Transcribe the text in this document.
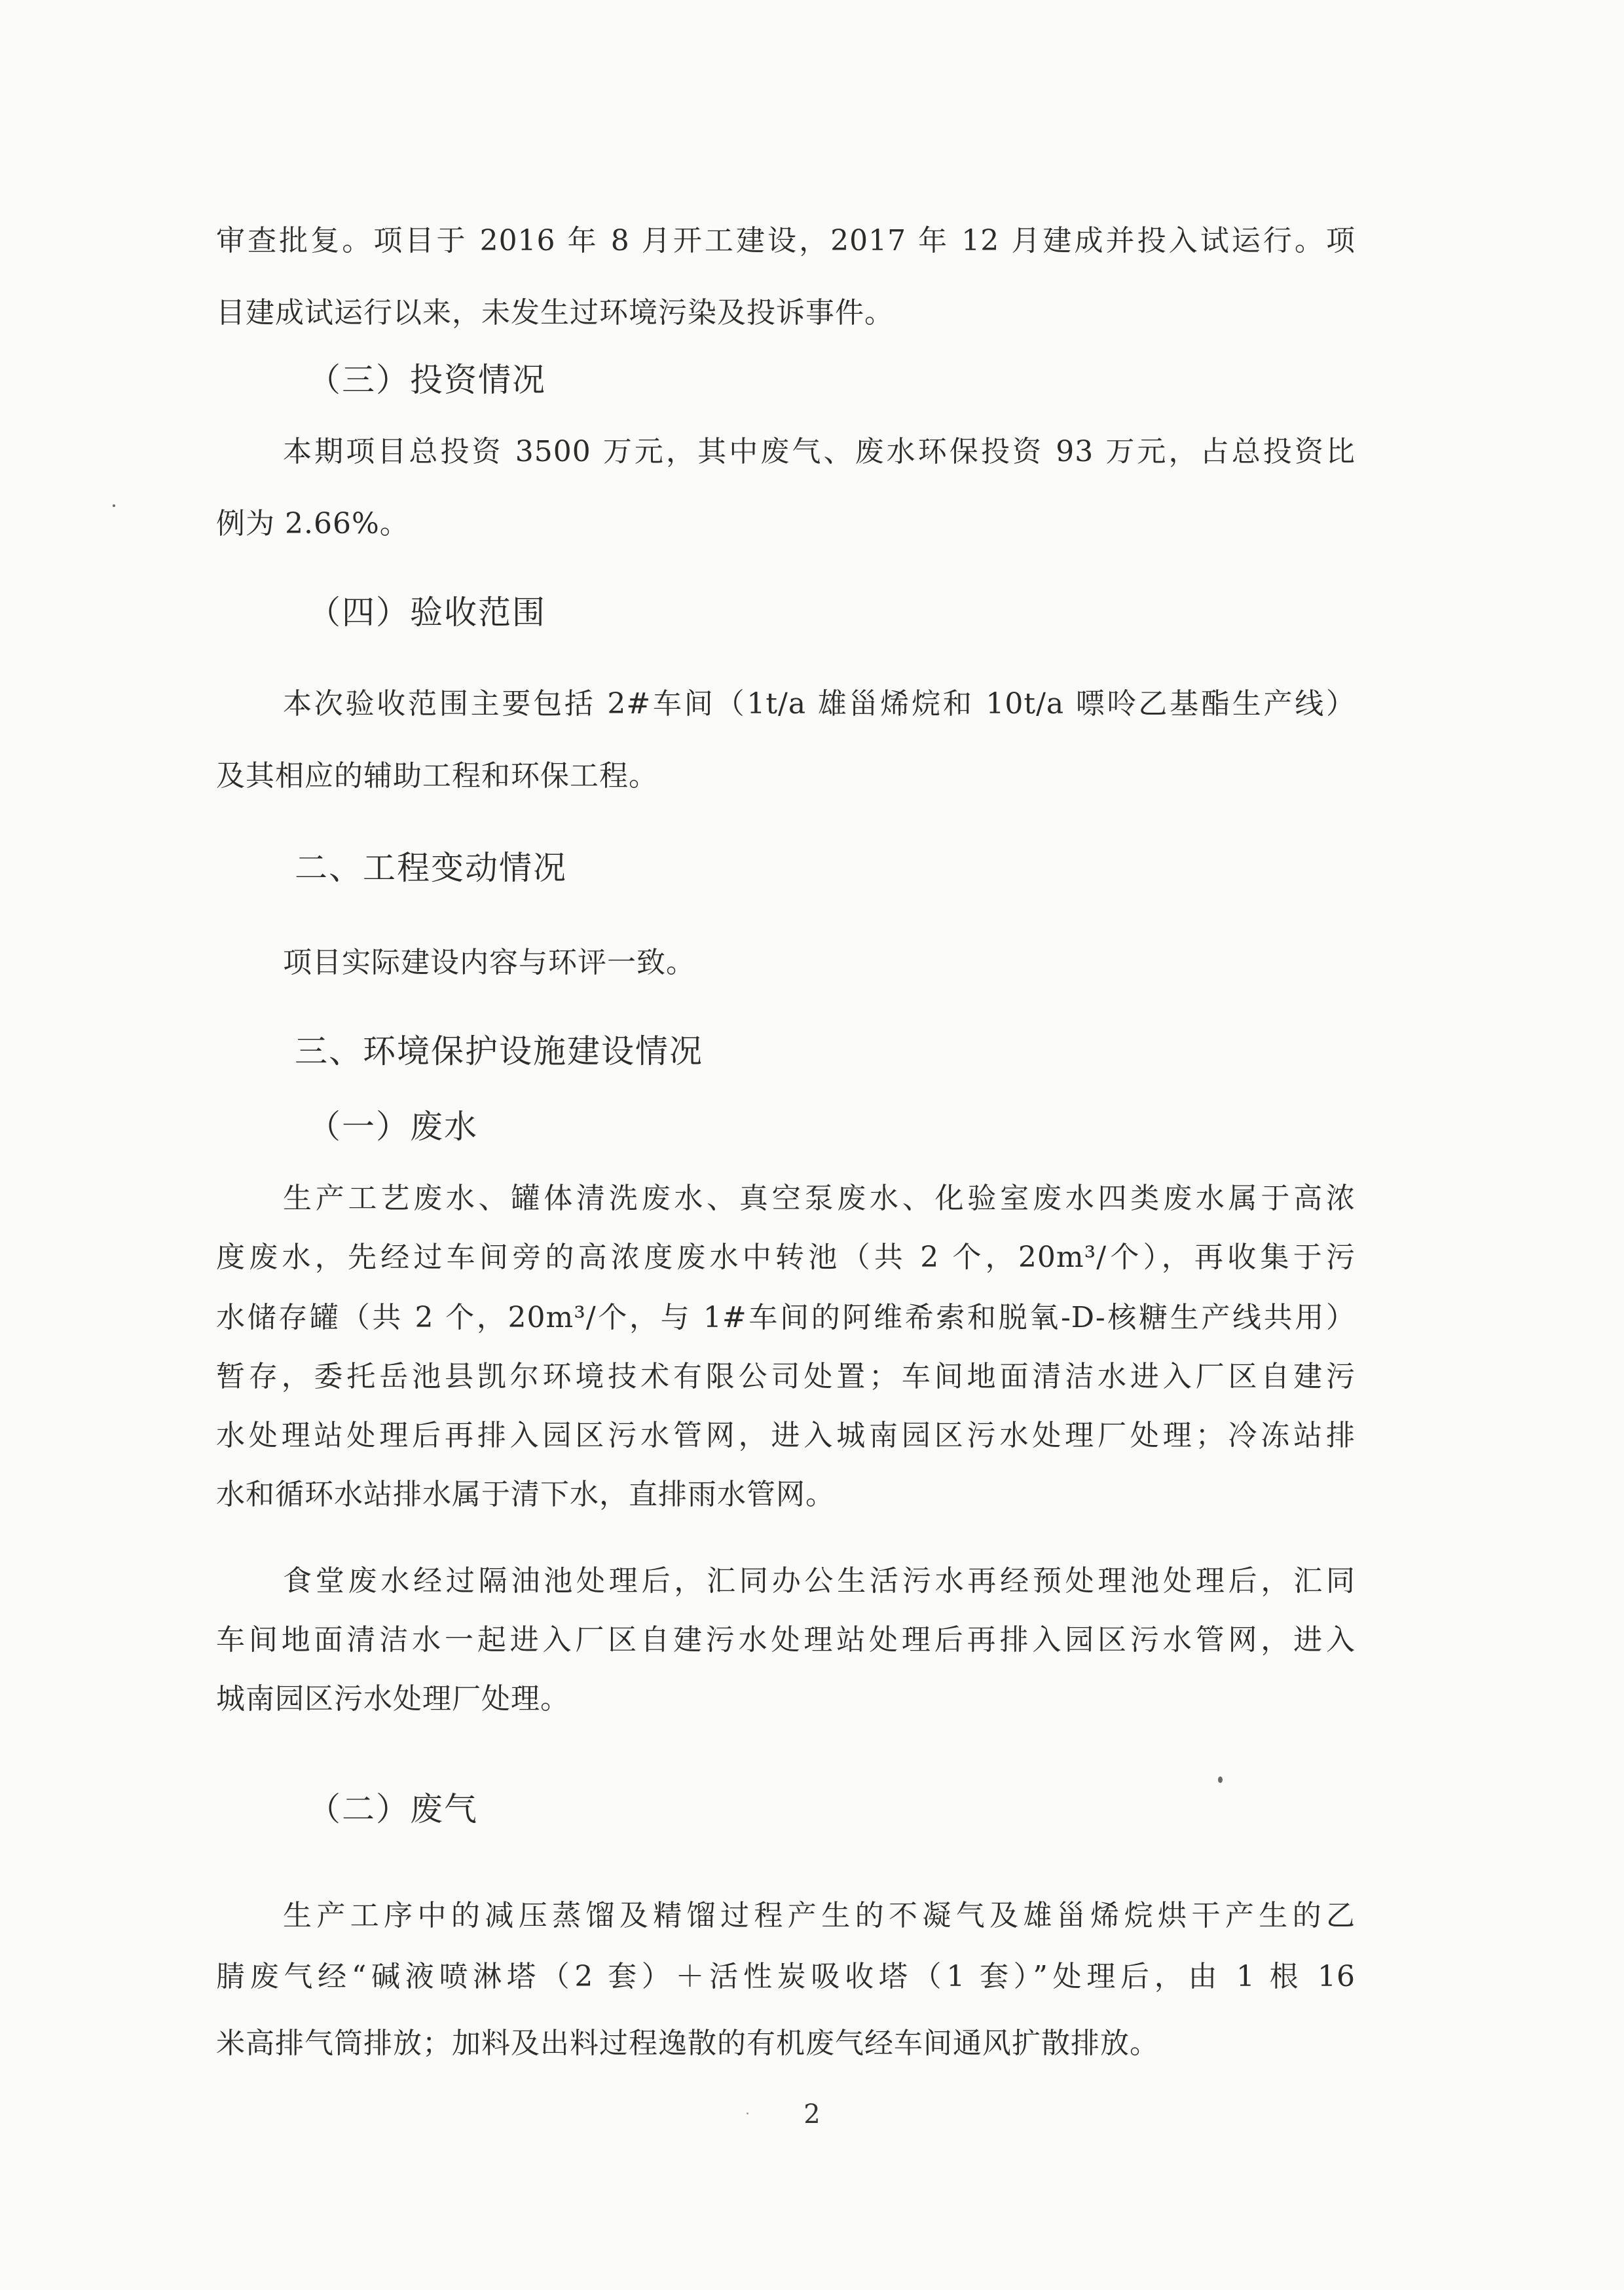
审查批复。项目于 2016 年 8 月开工建设，2017 年 12 月建成并投入试运行。项
目建成试运行以来，未发生过环境污染及投诉事件。
（三）投资情况
本期项目总投资 3500 万元，其中废气、废水环保投资 93 万元，占总投资比
例为 2.66%。
（四）验收范围
本次验收范围主要包括 2#车间（1t/a 雄甾烯烷和 10t/a 嘌呤乙基酯生产线）
及其相应的辅助工程和环保工程。
二、工程变动情况
项目实际建设内容与环评一致。
三、环境保护设施建设情况
（一）废水
生产工艺废水、罐体清洗废水、真空泵废水、化验室废水四类废水属于高浓
度废水，先经过车间旁的高浓度废水中转池（共 2 个，20m³/个），再收集于污
水储存罐（共 2 个，20m³/个，与 1#车间的阿维希索和脱氧-D-核糖生产线共用）
暂存，委托岳池县凯尔环境技术有限公司处置；车间地面清洁水进入厂区自建污
水处理站处理后再排入园区污水管网，进入城南园区污水处理厂处理；冷冻站排
水和循环水站排水属于清下水，直排雨水管网。
食堂废水经过隔油池处理后，汇同办公生活污水再经预处理池处理后，汇同
车间地面清洁水一起进入厂区自建污水处理站处理后再排入园区污水管网，进入
城南园区污水处理厂处理。
（二）废气
生产工序中的减压蒸馏及精馏过程产生的不凝气及雄甾烯烷烘干产生的乙
腈废气经“碱液喷淋塔（2 套）＋活性炭吸收塔（1 套）”处理后，由 1 根 16
米高排气筒排放；加料及出料过程逸散的有机废气经车间通风扩散排放。
2
